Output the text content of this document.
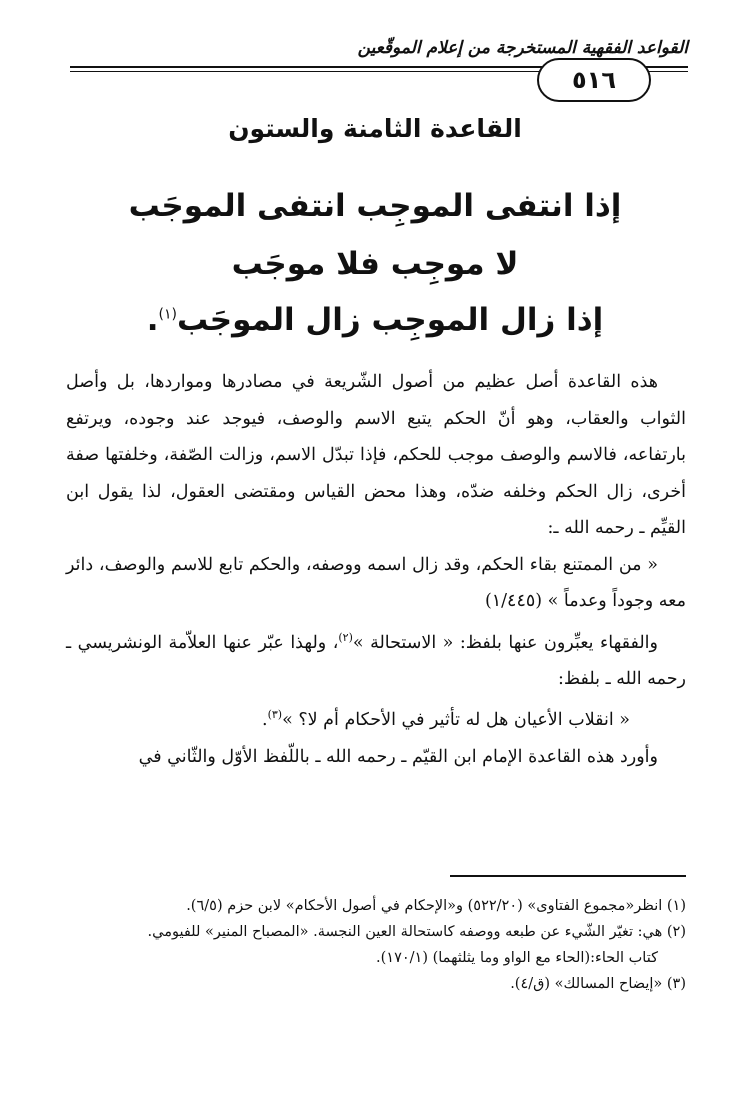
القواعد الفقهية المستخرجة من إعلام الموقّعين
٥١٦
القاعدة الثامنة والستون
إذا انتفى الموجِب انتفى الموجَب
لا موجِب فلا موجَب
إذا زال الموجِب زال الموجَب$^{(١)}$.

هذه القاعدة أصل عظيم من أصول الشّريعة في مصادرها ومواردها، بل وأصل الثواب والعقاب، وهو أنّ الحكم يتبع الاسم والوصف، فيوجد عند وجوده، ويرتفع بارتفاعه، فالاسم والوصف موجب للحكم، فإذا تبدّل الاسم، وزالت الصّفة، وخلفتها صفة أخرى، زال الحكم وخلفه ضدّه، وهذا محض القياس ومقتضى العقول، لذا يقول ابن القيِّم ـ رحمه الله ـ:

« من الممتنع بقاء الحكم، وقد زال اسمه ووصفه، والحكم تابع للاسم والوصف، دائر معه وجوداً وعدماً » (١/٤٤٥)

والفقهاء يعبِّرون عنها بلفظ: « الاستحالة »$^{(٢)}$، ولهذا عبّر عنها العلاّمة الونشريسي ـ رحمه الله ـ بلفظ:

« انقلاب الأعيان هل له تأثير في الأحكام أم لا؟ »$^{(٣)}$.

وأورد هذه القاعدة الإمام ابن القيّم ـ رحمه الله ـ باللّفظ الأوّل والثّاني في

(١) انظر«مجموع الفتاوى» (٥٢٢/٢٠) و«الإحكام في أصول الأحكام» لابن حزم (٦/٥).

(٢) هي: تغيّر الشّيء عن طبعه ووصفه كاستحالة العين النجسة. «المصباح المنير» للفيومي.

كتاب الحاء:(الحاء مع الواو وما يثلثهما) (١٧٠/١).

(٣) «إيضاح المسالك» (ق/٤).
